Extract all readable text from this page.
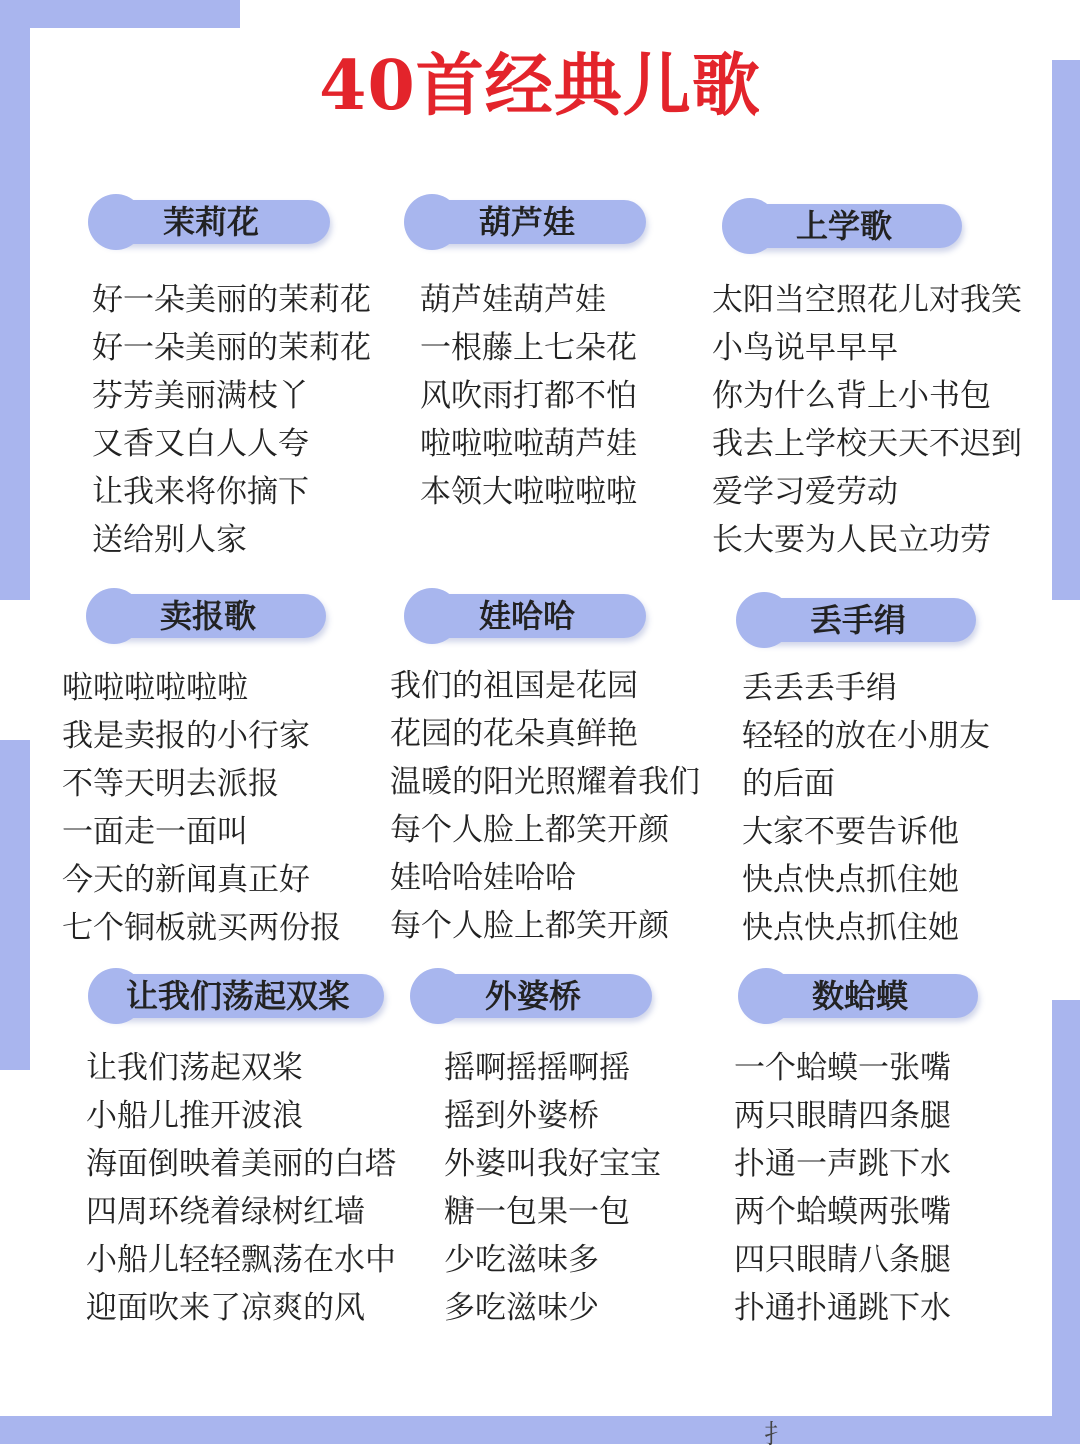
40首经典儿歌
茉莉花
好一朵美丽的茉莉花
好一朵美丽的茉莉花
芬芳美丽满枝丫
又香又白人人夸
让我来将你摘下
送给别人家
葫芦娃
葫芦娃葫芦娃
一根藤上七朵花
风吹雨打都不怕
啦啦啦啦葫芦娃
本领大啦啦啦啦
上学歌
太阳当空照花儿对我笑
小鸟说早早早
你为什么背上小书包
我去上学校天天不迟到
爱学习爱劳动
长大要为人民立功劳
卖报歌
啦啦啦啦啦啦
我是卖报的小行家
不等天明去派报
一面走一面叫
今天的新闻真正好
七个铜板就买两份报
娃哈哈
我们的祖国是花园
花园的花朵真鲜艳
温暖的阳光照耀着我们
每个人脸上都笑开颜
娃哈哈娃哈哈
每个人脸上都笑开颜
丢手绢
丢丢丢手绢
轻轻的放在小朋友
的后面
大家不要告诉他
快点快点抓住她
快点快点抓住她
让我们荡起双桨
让我们荡起双桨
小船儿推开波浪
海面倒映着美丽的白塔
四周环绕着绿树红墙
小船儿轻轻飘荡在水中
迎面吹来了凉爽的风
外婆桥
摇啊摇摇啊摇
摇到外婆桥
外婆叫我好宝宝
糖一包果一包
少吃滋味多
多吃滋味少
数蛤蟆
一个蛤蟆一张嘴
两只眼睛四条腿
扑通一声跳下水
两个蛤蟆两张嘴
四只眼睛八条腿
扑通扑通跳下水
扌
